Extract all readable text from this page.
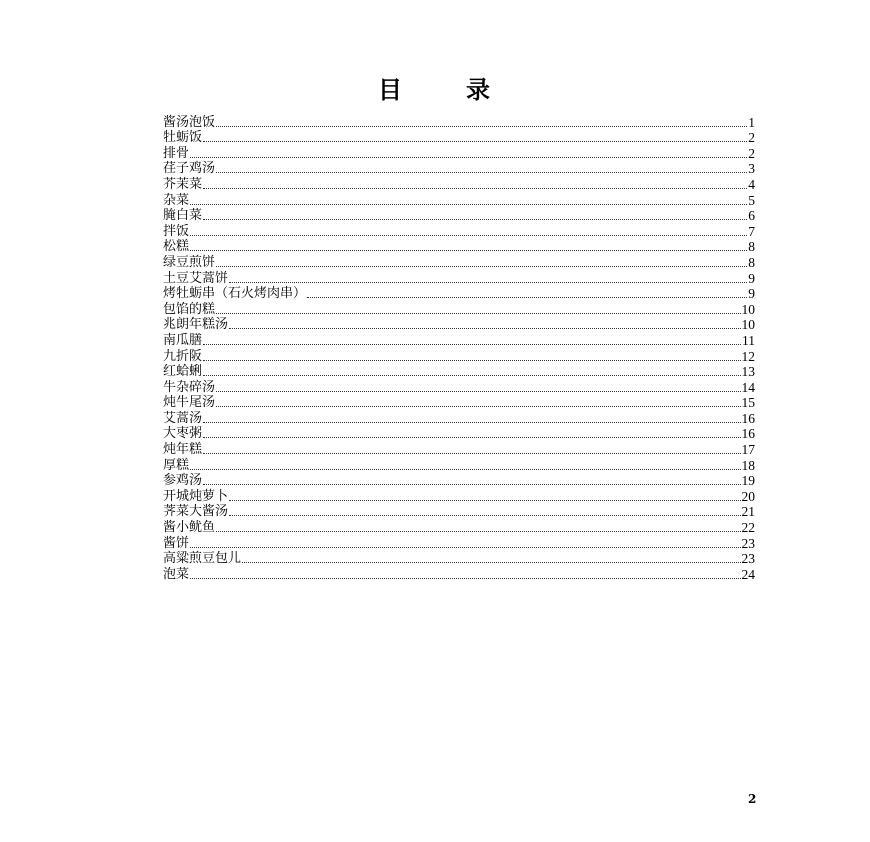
目	录
酱汤泡饭	1
牡蛎饭	2
排骨	2
荏子鸡汤	3
芥茉菜	4
杂菜	5
腌白菜	6
拌饭	7
松糕	8
绿豆煎饼	8
土豆艾蒿饼	9
烤牡蛎串（石火烤肉串）	9
包馅的糕	10
兆朗年糕汤	10
南瓜膳	11
九折阪	12
红蛤蜊	13
牛杂碎汤	14
炖牛尾汤	15
艾蒿汤	16
大枣粥	16
炖年糕	17
厚糕	18
参鸡汤	19
开城炖萝卜	20
荠菜大酱汤	21
酱小鱿鱼	22
酱饼	23
高粱煎豆包儿	23
泡菜	24
2
